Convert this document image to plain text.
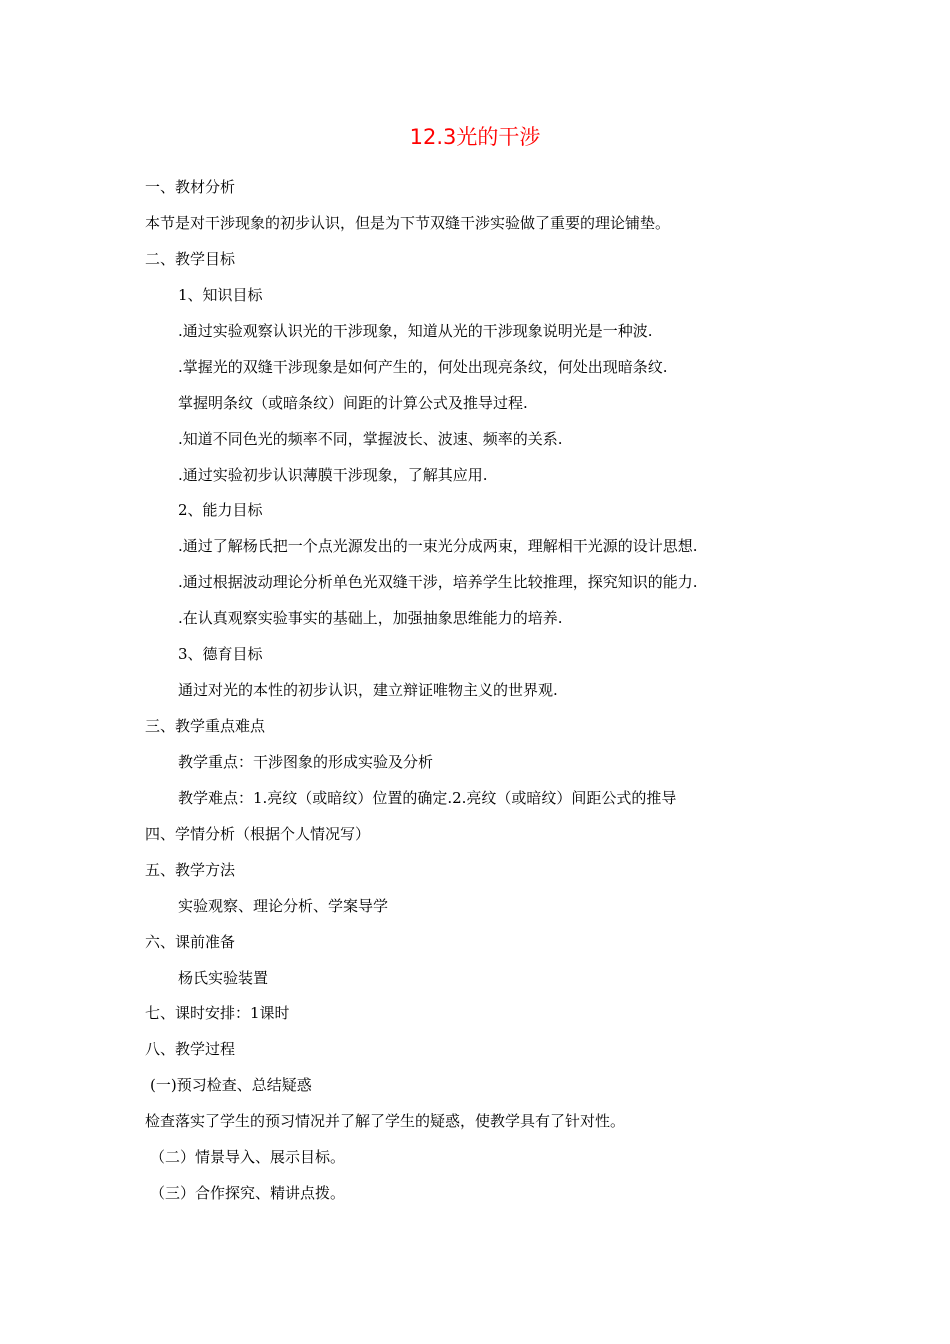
12.3光的干涉
一、教材分析
本节是对干涉现象的初步认识，但是为下节双缝干涉实验做了重要的理论铺垫。
二、教学目标
1、知识目标
.通过实验观察认识光的干涉现象，知道从光的干涉现象说明光是一种波.
.掌握光的双缝干涉现象是如何产生的，何处出现亮条纹，何处出现暗条纹.
掌握明条纹（或暗条纹）间距的计算公式及推导过程.
.知道不同色光的频率不同，掌握波长、波速、频率的关系.
.通过实验初步认识薄膜干涉现象，了解其应用.
2、能力目标
.通过了解杨氏把一个点光源发出的一束光分成两束，理解相干光源的设计思想.
.通过根据波动理论分析单色光双缝干涉，培养学生比较推理，探究知识的能力.
.在认真观察实验事实的基础上，加强抽象思维能力的培养.
3、德育目标
通过对光的本性的初步认识，建立辩证唯物主义的世界观.
三、教学重点难点
教学重点：干涉图象的形成实验及分析
教学难点：1.亮纹（或暗纹）位置的确定.2.亮纹（或暗纹）间距公式的推导
四、学情分析（根据个人情况写）
五、教学方法
实验观察、理论分析、学案导学
六、课前准备
杨氏实验装置
七、课时安排：1课时
八、教学过程
(一)预习检查、总结疑惑
检查落实了学生的预习情况并了解了学生的疑惑，使教学具有了针对性。
（二）情景导入、展示目标。
（三）合作探究、精讲点拨。
